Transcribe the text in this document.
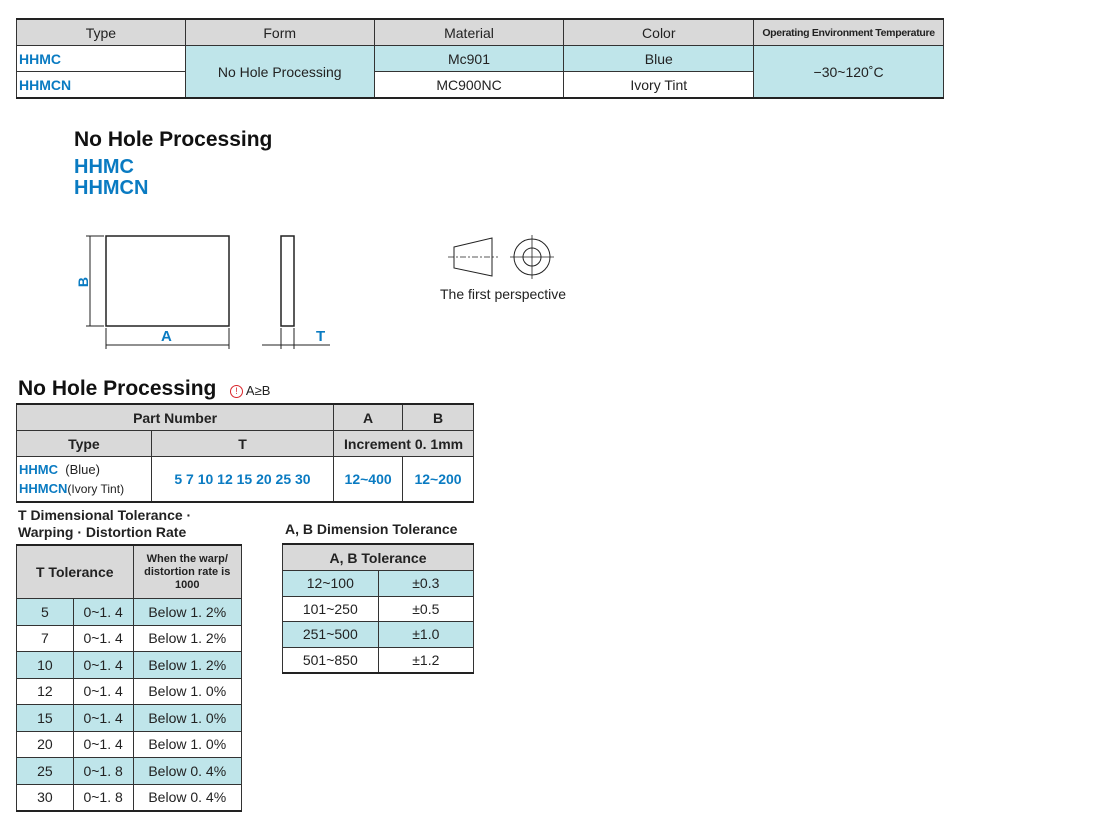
Type	Form	Material	Color	Operating Environment Temperature
HHMC	No Hole Processing	Mc901	Blue	−30~120˚C
HHMCN		MC900NC	Ivory Tint	
No Hole Processing
HHMC
HHMCN
B
A	T
The first perspective
No Hole Processing	! A≥B
Part Number		A	B
Type	T	Increment 0. 1mm	
HHMC (Blue)
HHMCN(Ivory Tint)	5 7 10 12 15 20 25 30	12~400	12~200
T Dimensional Tolerance ·
Warping · Distortion Rate
T Tolerance		When the warp/ distortion rate is 1000
5	0~1. 4	Below 1. 2%
7	0~1. 4	Below 1. 2%
10	0~1. 4	Below 1. 2%
12	0~1. 4	Below 1. 0%
15	0~1. 4	Below 1. 0%
20	0~1. 4	Below 1. 0%
25	0~1. 8	Below 0. 4%
30	0~1. 8	Below 0. 4%
A, B Dimension Tolerance
A, B Tolerance	
12~100	±0.3
101~250	±0.5
251~500	±1.0
501~850	±1.2
